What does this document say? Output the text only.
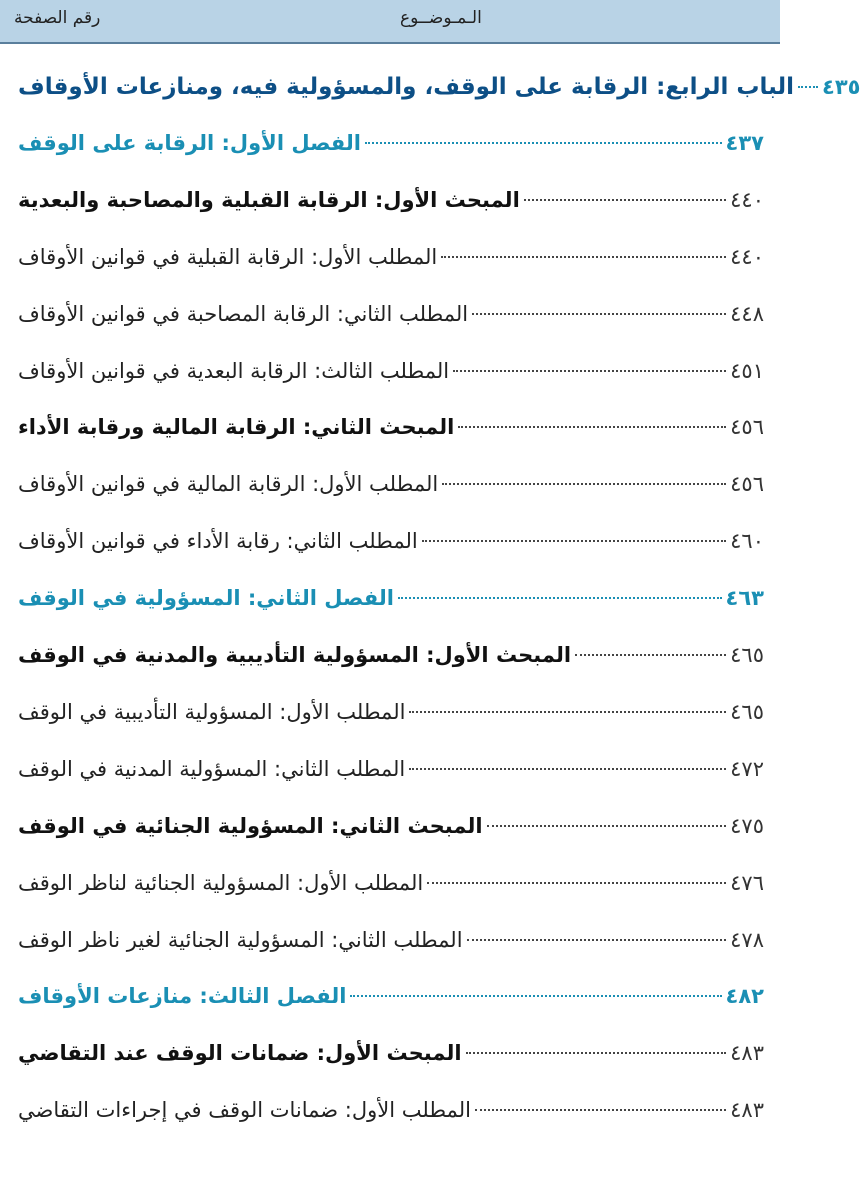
رقم الصفحة	الـمـوضــوع
الباب الرابع: الرقابة على الوقف، والمسؤولية فيه، ومنازعات الأوقاف ٤٣٥
الفصل الأول: الرقابة على الوقف	٤٣٧
المبحث الأول: الرقابة القبلية والمصاحبة والبعدية	٤٤٠
المطلب الأول: الرقابة القبلية في قوانين الأوقاف	٤٤٠
المطلب الثاني: الرقابة المصاحبة في قوانين الأوقاف	٤٤٨
المطلب الثالث: الرقابة البعدية في قوانين الأوقاف	٤٥١
المبحث الثاني: الرقابة المالية ورقابة الأداء	٤٥٦
المطلب الأول: الرقابة المالية في قوانين الأوقاف	٤٥٦
المطلب الثاني: رقابة الأداء في قوانين الأوقاف	٤٦٠
الفصل الثاني: المسؤولية في الوقف	٤٦٣
المبحث الأول: المسؤولية التأديبية والمدنية في الوقف	٤٦٥
المطلب الأول: المسؤولية التأديبية في الوقف	٤٦٥
المطلب الثاني: المسؤولية المدنية في الوقف	٤٧٢
المبحث الثاني: المسؤولية الجنائية في الوقف	٤٧٥
المطلب الأول: المسؤولية الجنائية لناظر الوقف	٤٧٦
المطلب الثاني: المسؤولية الجنائية لغير ناظر الوقف	٤٧٨
الفصل الثالث: منازعات الأوقاف	٤٨٢
المبحث الأول: ضمانات الوقف عند التقاضي	٤٨٣
المطلب الأول: ضمانات الوقف في إجراءات التقاضي	٤٨٣
